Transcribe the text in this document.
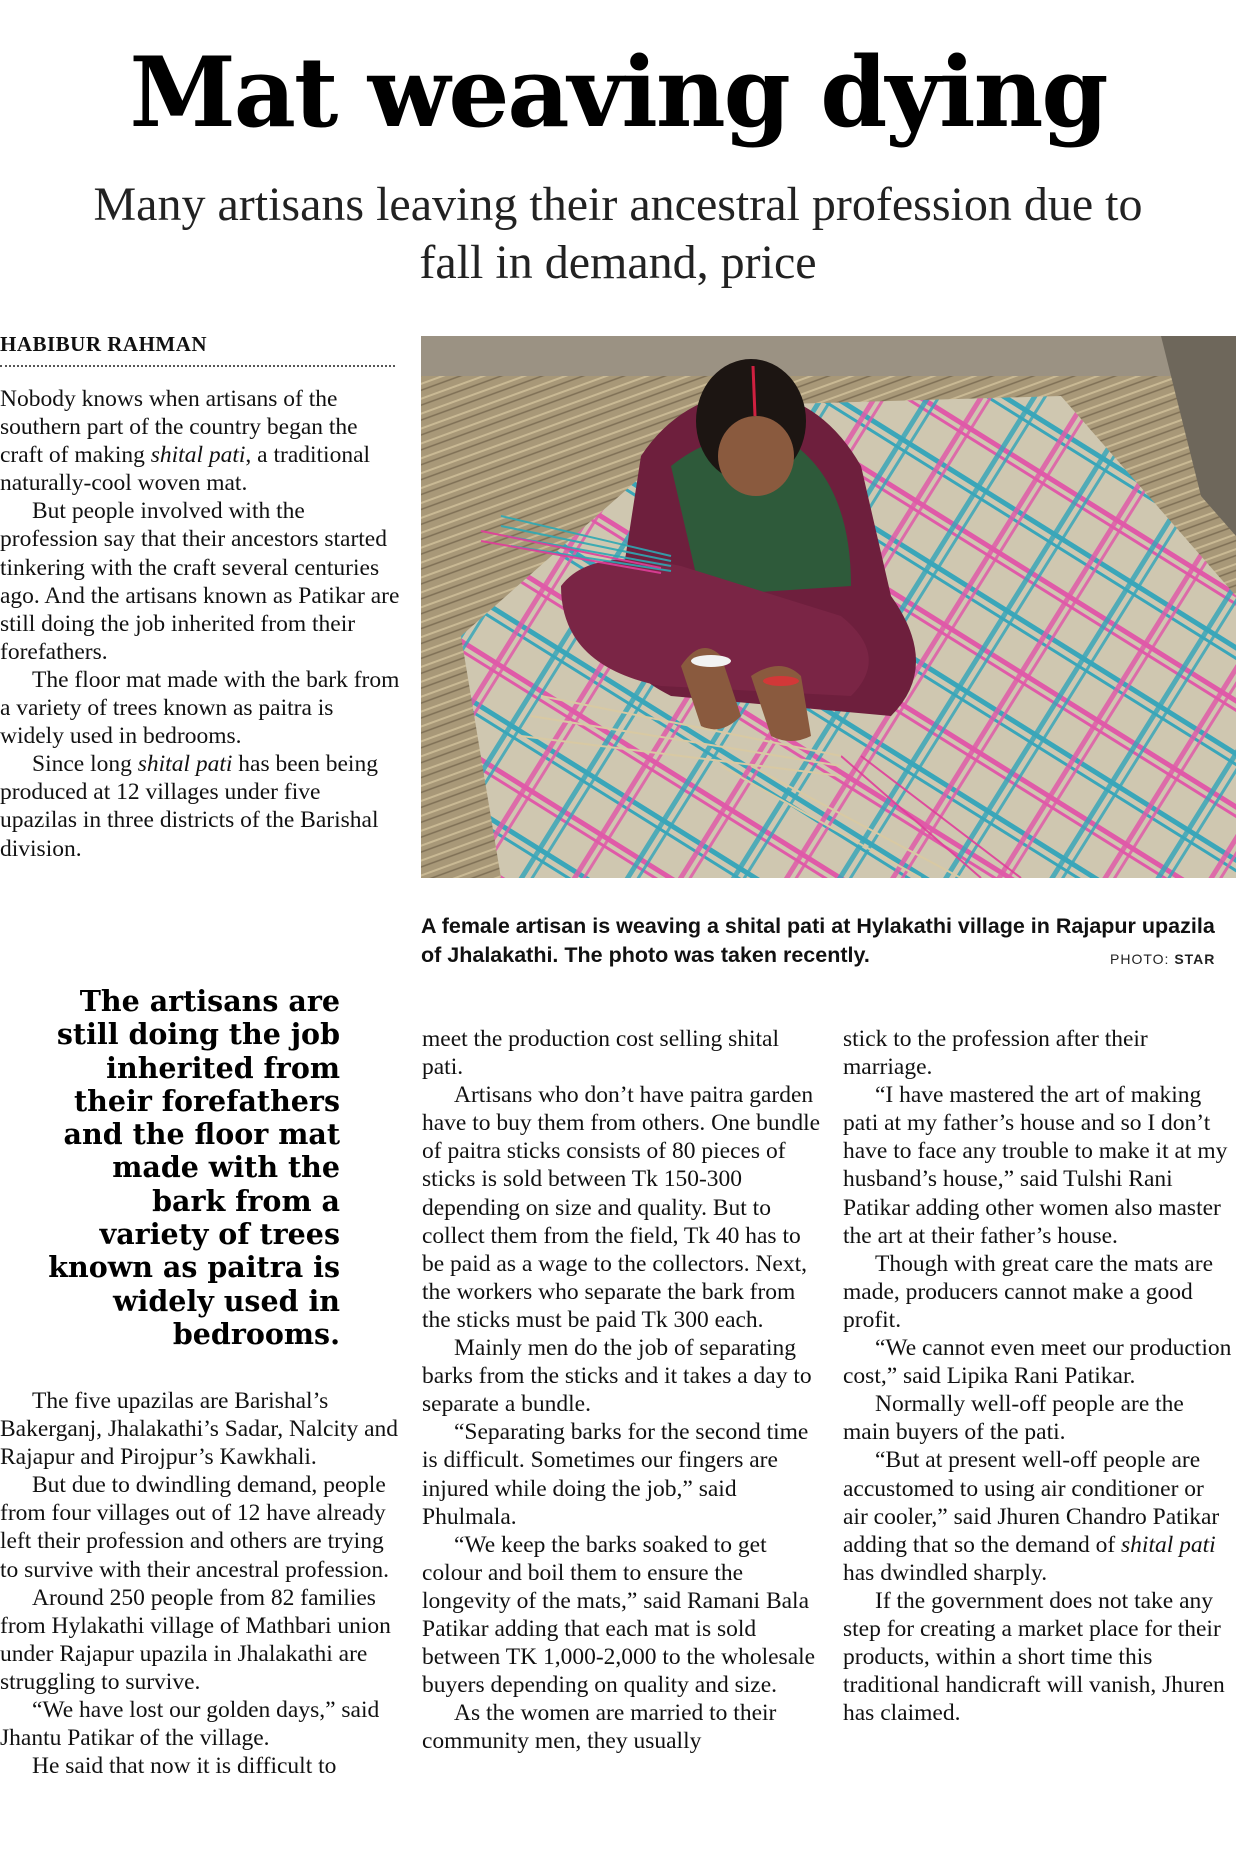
Mat weaving dying
Many artisans leaving their ancestral profession due to fall in demand, price
HABIBUR RAHMAN

Nobody knows when artisans of the southern part of the country began the craft of making shital pati, a traditional naturally-cool woven mat.

But people involved with the profession say that their ancestors started tinkering with the craft several centuries ago. And the artisans known as Patikar are still doing the job inherited from their forefathers.

The floor mat made with the bark from a variety of trees known as paitra is widely used in bedrooms.

Since long shital pati has been being produced at 12 villages under five upazilas in three districts of the Barishal division.

A female artisan is weaving a shital pati at Hylakathi village in Rajapur upazila of Jhalakathi. The photo was taken recently.	PHOTO: STAR
The artisans are still doing the job inherited from their forefathers and the floor mat made with the bark from a variety of trees known as paitra is widely used in bedrooms.

The five upazilas are Barishal’s Bakerganj, Jhalakathi’s Sadar, Nalcity and Rajapur and Pirojpur’s Kawkhali.

But due to dwindling demand, people from four villages out of 12 have already left their profession and others are trying to survive with their ancestral profession.

Around 250 people from 82 families from Hylakathi village of Mathbari union under Rajapur upazila in Jhalakathi are struggling to survive.

“We have lost our golden days,” said Jhantu Patikar of the village.

He said that now it is difficult to

meet the production cost selling shital pati.

Artisans who don’t have paitra garden have to buy them from others. One bundle of paitra sticks consists of 80 pieces of sticks is sold between Tk 150-300 depending on size and quality. But to collect them from the field, Tk 40 has to be paid as a wage to the collectors. Next, the workers who separate the bark from the sticks must be paid Tk 300 each.

Mainly men do the job of separating barks from the sticks and it takes a day to separate a bundle.

“Separating barks for the second time is difficult. Sometimes our fingers are injured while doing the job,” said Phulmala.

“We keep the barks soaked to get colour and boil them to ensure the longevity of the mats,” said Ramani Bala Patikar adding that each mat is sold between TK 1,000-2,000 to the wholesale buyers depending on quality and size.

As the women are married to their community men, they usually

stick to the profession after their marriage.

“I have mastered the art of making pati at my father’s house and so I don’t have to face any trouble to make it at my husband’s house,” said Tulshi Rani Patikar adding other women also master the art at their father’s house.

Though with great care the mats are made, producers cannot make a good profit.

“We cannot even meet our production cost,” said Lipika Rani Patikar.

Normally well-off people are the main buyers of the pati.

“But at present well-off people are accustomed to using air conditioner or air cooler,” said Jhuren Chandro Patikar adding that so the demand of shital pati has dwindled sharply.

If the government does not take any step for creating a market place for their products, within a short time this traditional handicraft will vanish, Jhuren has claimed.
